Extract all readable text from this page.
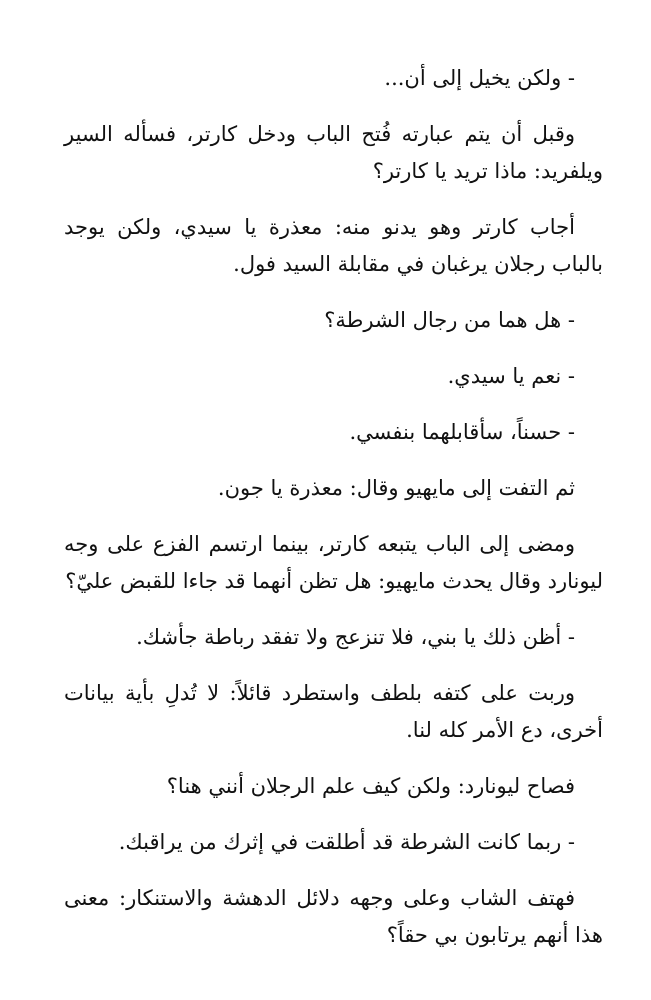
- ولكن يخيل إلى أن...

وقبل أن يتم عبارته فُتح الباب ودخل كارتر، فسأله السير ويلفريد: ماذا تريد يا كارتر؟

أجاب كارتر وهو يدنو منه: معذرة يا سيدي، ولكن يوجد بالباب رجلان يرغبان في مقابلة السيد فول.

- هل هما من رجال الشرطة؟

- نعم يا سيدي.

- حسناً، سأقابلهما بنفسي.

ثم التفت إلى مايهيو وقال: معذرة يا جون.

ومضى إلى الباب يتبعه كارتر، بينما ارتسم الفزع على وجه ليونارد وقال يحدث مايهيو: هل تظن أنهما قد جاءا للقبض عليّ؟

- أظن ذلك يا بني، فلا تنزعج ولا تفقد رباطة جأشك.

وربت على كتفه بلطف واستطرد قائلاً: لا تُدلِ بأية بيانات أخرى، دع الأمر كله لنا.

فصاح ليونارد: ولكن كيف علم الرجلان أنني هنا؟

- ربما كانت الشرطة قد أطلقت في إثرك من يراقبك.

فهتف الشاب وعلى وجهه دلائل الدهشة والاستنكار: معنى هذا أنهم يرتابون بي حقاً؟
